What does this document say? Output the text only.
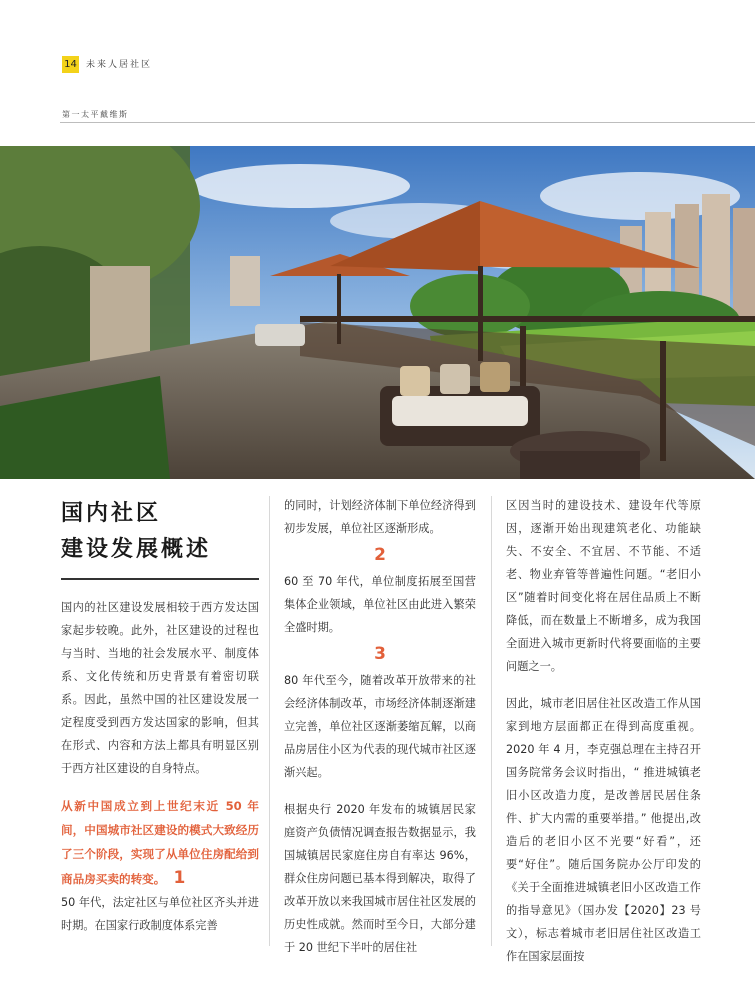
14 未来人居社区
第一太平戴维斯

国内社区
建设发展概述

国内的社区建设发展相较于西方发达国家起步较晚。此外，社区建设的过程也与当时、当地的社会发展水平、制度体系、文化传统和历史背景有着密切联系。因此，虽然中国的社区建设发展一定程度受到西方发达国家的影响，但其在形式、内容和方法上都具有明显区别于西方社区建设的自身特点。

从新中国成立到上世纪末近 50 年间，中国城市社区建设的模式大致经历了三个阶段，实现了从单位住房配给到商品房买卖的转变。 1

50 年代，法定社区与单位社区齐头并进时期。在国家行政制度体系完善

的同时，计划经济体制下单位经济得到初步发展，单位社区逐渐形成。

2

60 至 70 年代，单位制度拓展至国营集体企业领域，单位社区由此进入繁荣全盛时期。

3

80 年代至今，随着改革开放带来的社会经济体制改革，市场经济体制逐渐建立完善，单位社区逐渐萎缩瓦解，以商品房居住小区为代表的现代城市社区逐渐兴起。

根据央行 2020 年发布的城镇居民家庭资产负债情况调查报告数据显示，我国城镇居民家庭住房自有率达 96%，群众住房问题已基本得到解决，取得了改革开放以来我国城市居住社区发展的历史性成就。然而时至今日，大部分建于 20 世纪下半叶的居住社

区因当时的建设技术、建设年代等原因，逐渐开始出现建筑老化、功能缺失、不安全、不宜居、不节能、不适老、物业弃管等普遍性问题。“老旧小区”随着时间变化将在居住品质上不断降低，而在数量上不断增多，成为我国全面进入城市更新时代将要面临的主要问题之一。

因此，城市老旧居住社区改造工作从国家到地方层面都正在得到高度重视。2020 年 4 月，李克强总理在主持召开国务院常务会议时指出，“ 推进城镇老旧小区改造力度，是改善居民居住条件、扩大内需的重要举措。” 他提出,改造后的老旧小区不光要“好看”，还要“好住”。随后国务院办公厅印发的《关于全面推进城镇老旧小区改造工作的指导意见》（国办发【2020】23 号文），标志着城市老旧居住社区改造工作在国家层面按
